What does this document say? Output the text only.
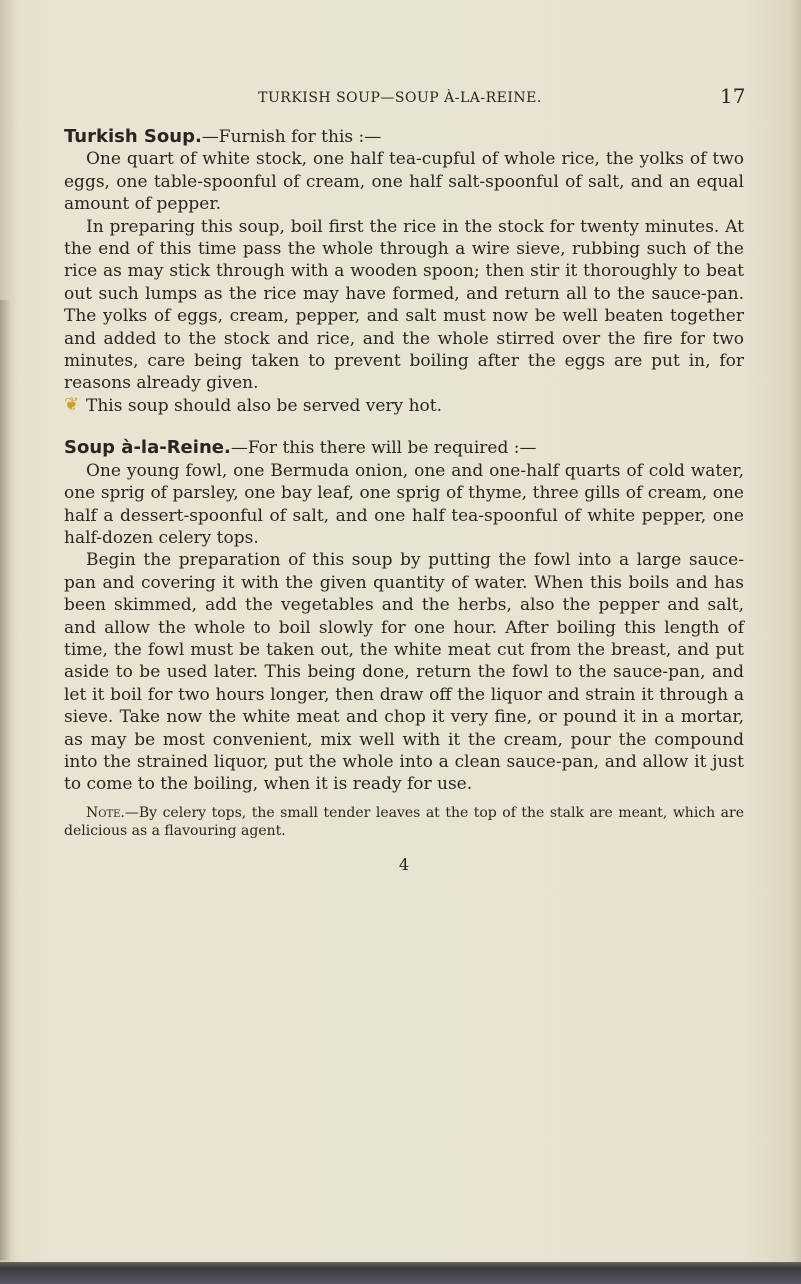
TURKISH SOUP—SOUP À-LA-REINE.	17
❦

Turkish Soup.—Furnish for this :—

One quart of white stock, one half tea-cupful of whole rice, the yolks of two eggs, one table-spoonful of cream, one half salt-spoonful of salt, and an equal amount of pepper.

In preparing this soup, boil first the rice in the stock for twenty minutes. At the end of this time pass the whole through a wire sieve, rubbing such of the rice as may stick through with a wooden spoon; then stir it thoroughly to beat out such lumps as the rice may have formed, and return all to the sauce-pan. The yolks of eggs, cream, pepper, and salt must now be well beaten together and added to the stock and rice, and the whole stirred over the fire for two minutes, care being taken to prevent boiling after the eggs are put in, for reasons already given.

This soup should also be served very hot.

Soup à-la-Reine.—For this there will be required :—

One young fowl, one Bermuda onion, one and one-half quarts of cold water, one sprig of parsley, one bay leaf, one sprig of thyme, three gills of cream, one half a dessert-spoonful of salt, and one half tea-spoonful of white pepper, one half-dozen celery tops.

Begin the preparation of this soup by putting the fowl into a large sauce-pan and covering it with the given quantity of water. When this boils and has been skimmed, add the vegetables and the herbs, also the pepper and salt, and allow the whole to boil slowly for one hour. After boiling this length of time, the fowl must be taken out, the white meat cut from the breast, and put aside to be used later. This being done, return the fowl to the sauce-pan, and let it boil for two hours longer, then draw off the liquor and strain it through a sieve. Take now the white meat and chop it very fine, or pound it in a mortar, as may be most convenient, mix well with it the cream, pour the compound into the strained liquor, put the whole into a clean sauce-pan, and allow it just to come to the boiling, when it is ready for use.

Note.—By celery tops, the small tender leaves at the top of the stalk are meant, which are delicious as a flavouring agent.

4
